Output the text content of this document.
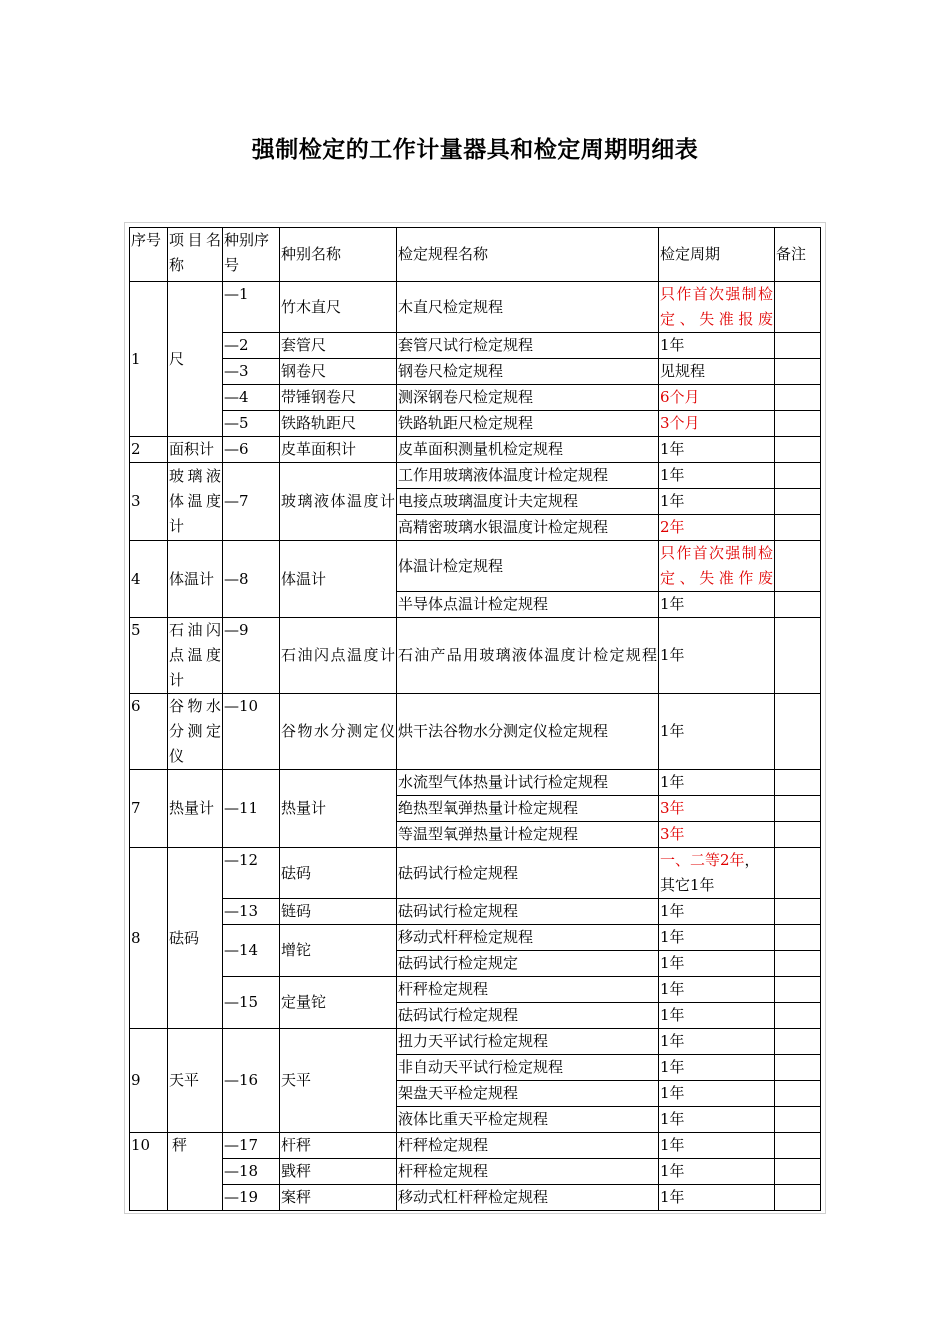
强制检定的工作计量器具和检定周期明细表
序号	项目名称	种别序号	种别名称	检定规程名称	检定周期	备注
1	尺	—1	竹木直尺	木直尺检定规程	只作首次强制检定、失准报废	
		—2	套管尺	套管尺试行检定规程	1年	
		—3	钢卷尺	钢卷尺检定规程	见规程	
		—4	带锤钢卷尺	测深钢卷尺检定规程	6个月	
		—5	铁路轨距尺	铁路轨距尺检定规程	3个月	
2	面积计	—6	皮革面积计	皮革面积测量机检定规程	1年	
3	玻璃液体温度计	—7	玻璃液体温度计	工作用玻璃液体温度计检定规程	1年	
				电接点玻璃温度计夫定规程	1年	
				高精密玻璃水银温度计检定规程	2年	
4	体温计	—8	体温计	体温计检定规程	只作首次强制检定、失准作废	
				半导体点温计检定规程	1年	
5	石油闪点温度计	—9	石油闪点温度计	石油产品用玻璃液体温度计检定规程	1年	
6	谷物水分测定仪	—10	谷物水分测定仪	烘干法谷物水分测定仪检定规程	1年	
7	热量计	—11	热量计	水流型气体热量计试行检定规程	1年	
				绝热型氧弹热量计检定规程	3年	
				等温型氧弹热量计检定规程	3年	
8	砝码	—12	砝码	砝码试行检定规程	一、二等2年，其它1年	
		—13	链码	砝码试行检定规程	1年	
		—14	增铊	移动式杆秤检定规程	1年	
				砝码试行检定规定	1年	
		—15	定量铊	杆秤检定规程	1年	
				砝码试行检定规程	1年	
9	天平	—16	天平	扭力天平试行检定规程	1年	
				非自动天平试行检定规程	1年	
				架盘天平检定规程	1年	
				液体比重天平检定规程	1年	
10	秤	—17	杆秤	杆秤检定规程	1年	
		—18	戥秤	杆秤检定规程	1年	
		—19	案秤	移动式杠杆秤检定规程	1年	
